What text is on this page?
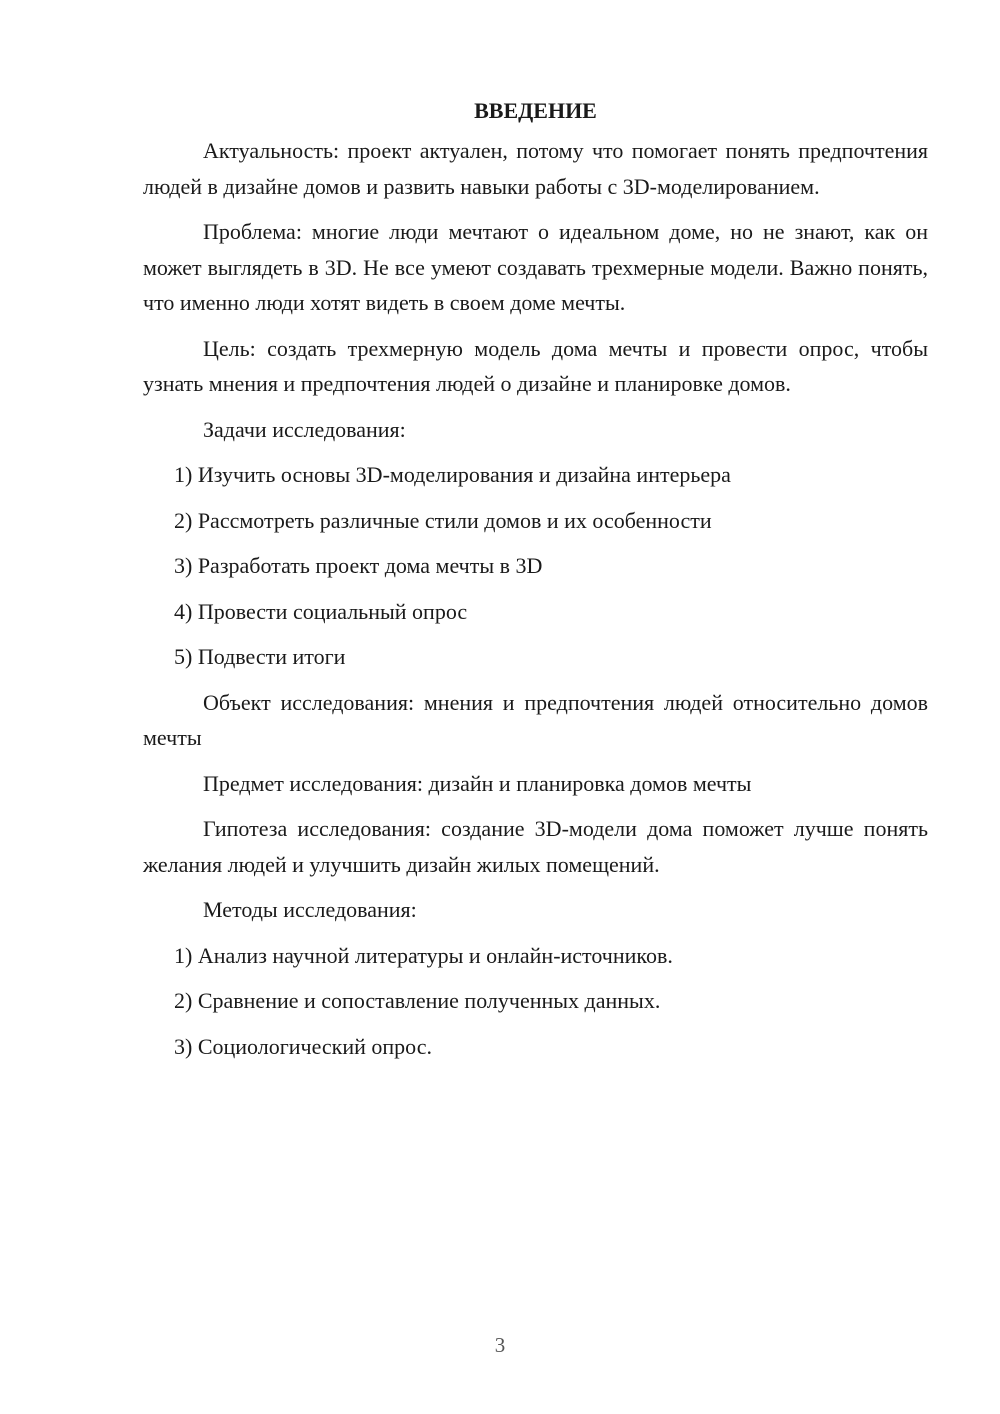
ВВЕДЕНИЕ

Актуальность: проект актуален, потому что помогает понять предпочтения людей в дизайне домов и развить навыки работы с 3D-моделированием.

Проблема: многие люди мечтают о идеальном доме, но не знают, как он может выглядеть в 3D. Не все умеют создавать трехмерные модели. Важно понять, что именно люди хотят видеть в своем доме мечты.

Цель: создать трехмерную модель дома мечты и провести опрос, чтобы узнать мнения и предпочтения людей о дизайне и планировке домов.

Задачи исследования:

1) Изучить основы 3D-моделирования и дизайна интерьера
2) Рассмотреть различные стили домов и их особенности
3) Разработать проект дома мечты в 3D
4) Провести социальный опрос
5) Подвести итоги

Объект исследования: мнения и предпочтения людей относительно домов мечты

Предмет исследования: дизайн и планировка домов мечты

Гипотеза исследования: создание 3D-модели дома поможет лучше понять желания людей и улучшить дизайн жилых помещений.

Методы исследования:

1) Анализ научной литературы и онлайн-источников.
2) Сравнение и сопоставление полученных данных.
3) Социологический опрос.
3
